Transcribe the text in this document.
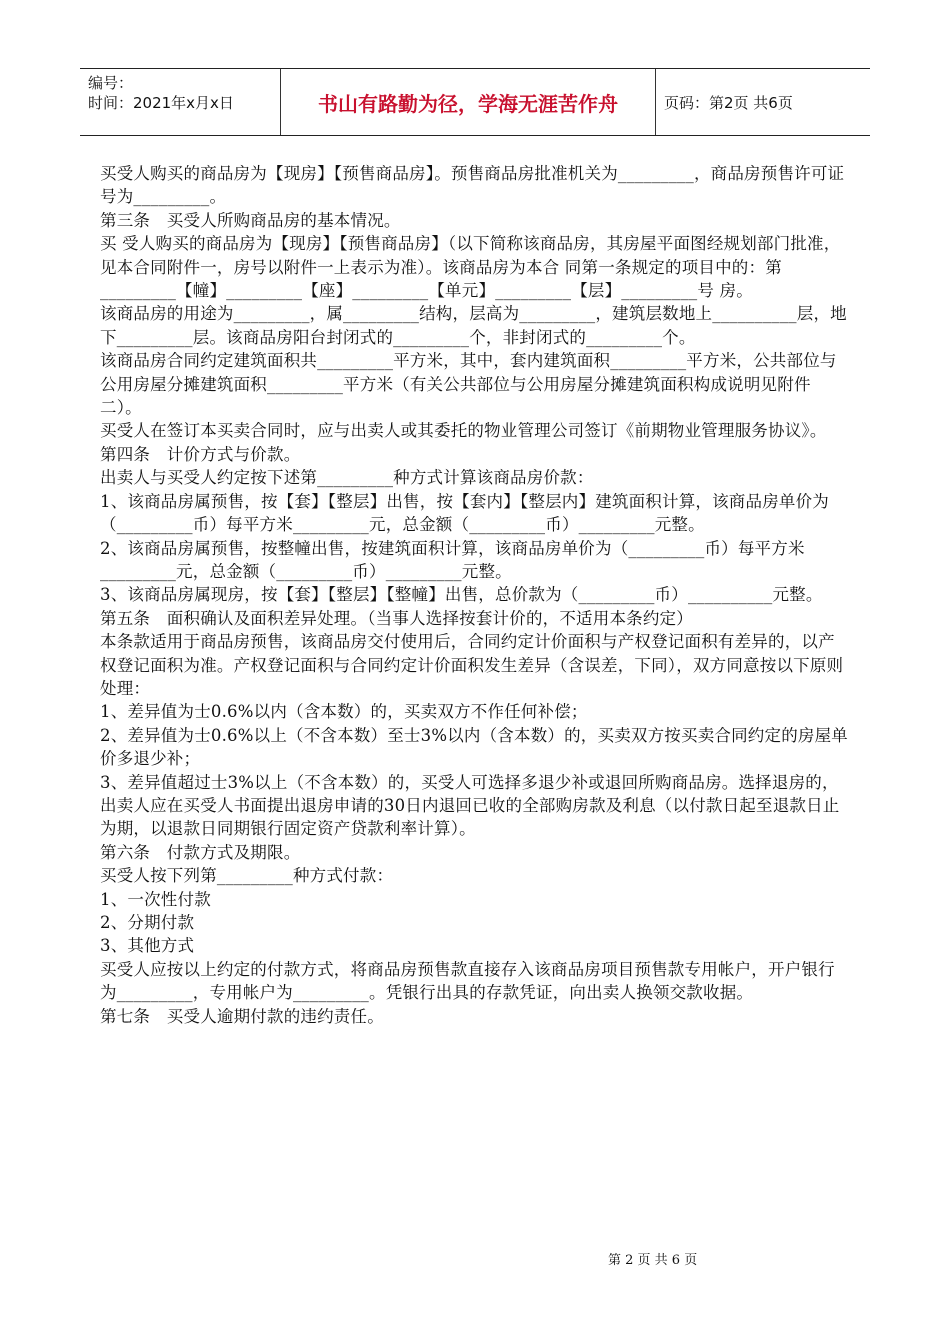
编号：
时间：2021年x月x日	书山有路勤为径，学海无涯苦作舟	页码：第2页 共6页

买受人购买的商品房为【现房】【预售商品房】。预售商品房批准机关为_________，商品房预售许可证号为_________。

第三条　买受人所购商品房的基本情况。

买 受人购买的商品房为【现房】【预售商品房】（以下简称该商品房，其房屋平面图经规划部门批准，见本合同附件一，房号以附件一上表示为准）。该商品房为本合 同第一条规定的项目中的：第_________【幢】_________【座】_________【单元】_________【层】_________号 房。

该商品房的用途为_________，属_________结构，层高为_________，建筑层数地上__________层，地下_________层。该商品房阳台封闭式的_________个，非封闭式的_________个。

该商品房合同约定建筑面积共_________平方米，其中，套内建筑面积_________平方米，公共部位与公用房屋分摊建筑面积_________平方米（有关公共部位与公用房屋分摊建筑面积构成说明见附件二）。

买受人在签订本买卖合同时，应与出卖人或其委托的物业管理公司签订《前期物业管理服务协议》。

第四条　计价方式与价款。

出卖人与买受人约定按下述第_________种方式计算该商品房价款：

1、该商品房属预售，按【套】【整层】出售，按【套内】【整层内】建筑面积计算，该商品房单价为（_________币）每平方米_________元，总金额（_________币）_________元整。

2、该商品房属预售，按整幢出售，按建筑面积计算，该商品房单价为（_________币）每平方米_________元，总金额（_________币）_________元整。

3、该商品房属现房，按【套】【整层】【整幢】出售，总价款为（_________币）__________元整。

第五条　面积确认及面积差异处理。（当事人选择按套计价的，不适用本条约定）

本条款适用于商品房预售，该商品房交付使用后，合同约定计价面积与产权登记面积有差异的，以产权登记面积为准。产权登记面积与合同约定计价面积发生差异（含误差，下同），双方同意按以下原则处理：

1、差异值为士0.6%以内（含本数）的，买卖双方不作任何补偿；

2、差异值为士0.6%以上（不含本数）至士3%以内（含本数）的，买卖双方按买卖合同约定的房屋单价多退少补；

3、差异值超过士3%以上（不含本数）的，买受人可选择多退少补或退回所购商品房。选择退房的，出卖人应在买受人书面提出退房申请的30日内退回已收的全部购房款及利息（以付款日起至退款日止为期，以退款日同期银行固定资产贷款利率计算）。

第六条　付款方式及期限。

买受人按下列第_________种方式付款：

1、一次性付款

2、分期付款

3、其他方式

买受人应按以上约定的付款方式，将商品房预售款直接存入该商品房项目预售款专用帐户，开户银行为_________，专用帐户为_________。凭银行出具的存款凭证，向出卖人换领交款收据。

第七条　买受人逾期付款的违约责任。

第 2 页 共 6 页
